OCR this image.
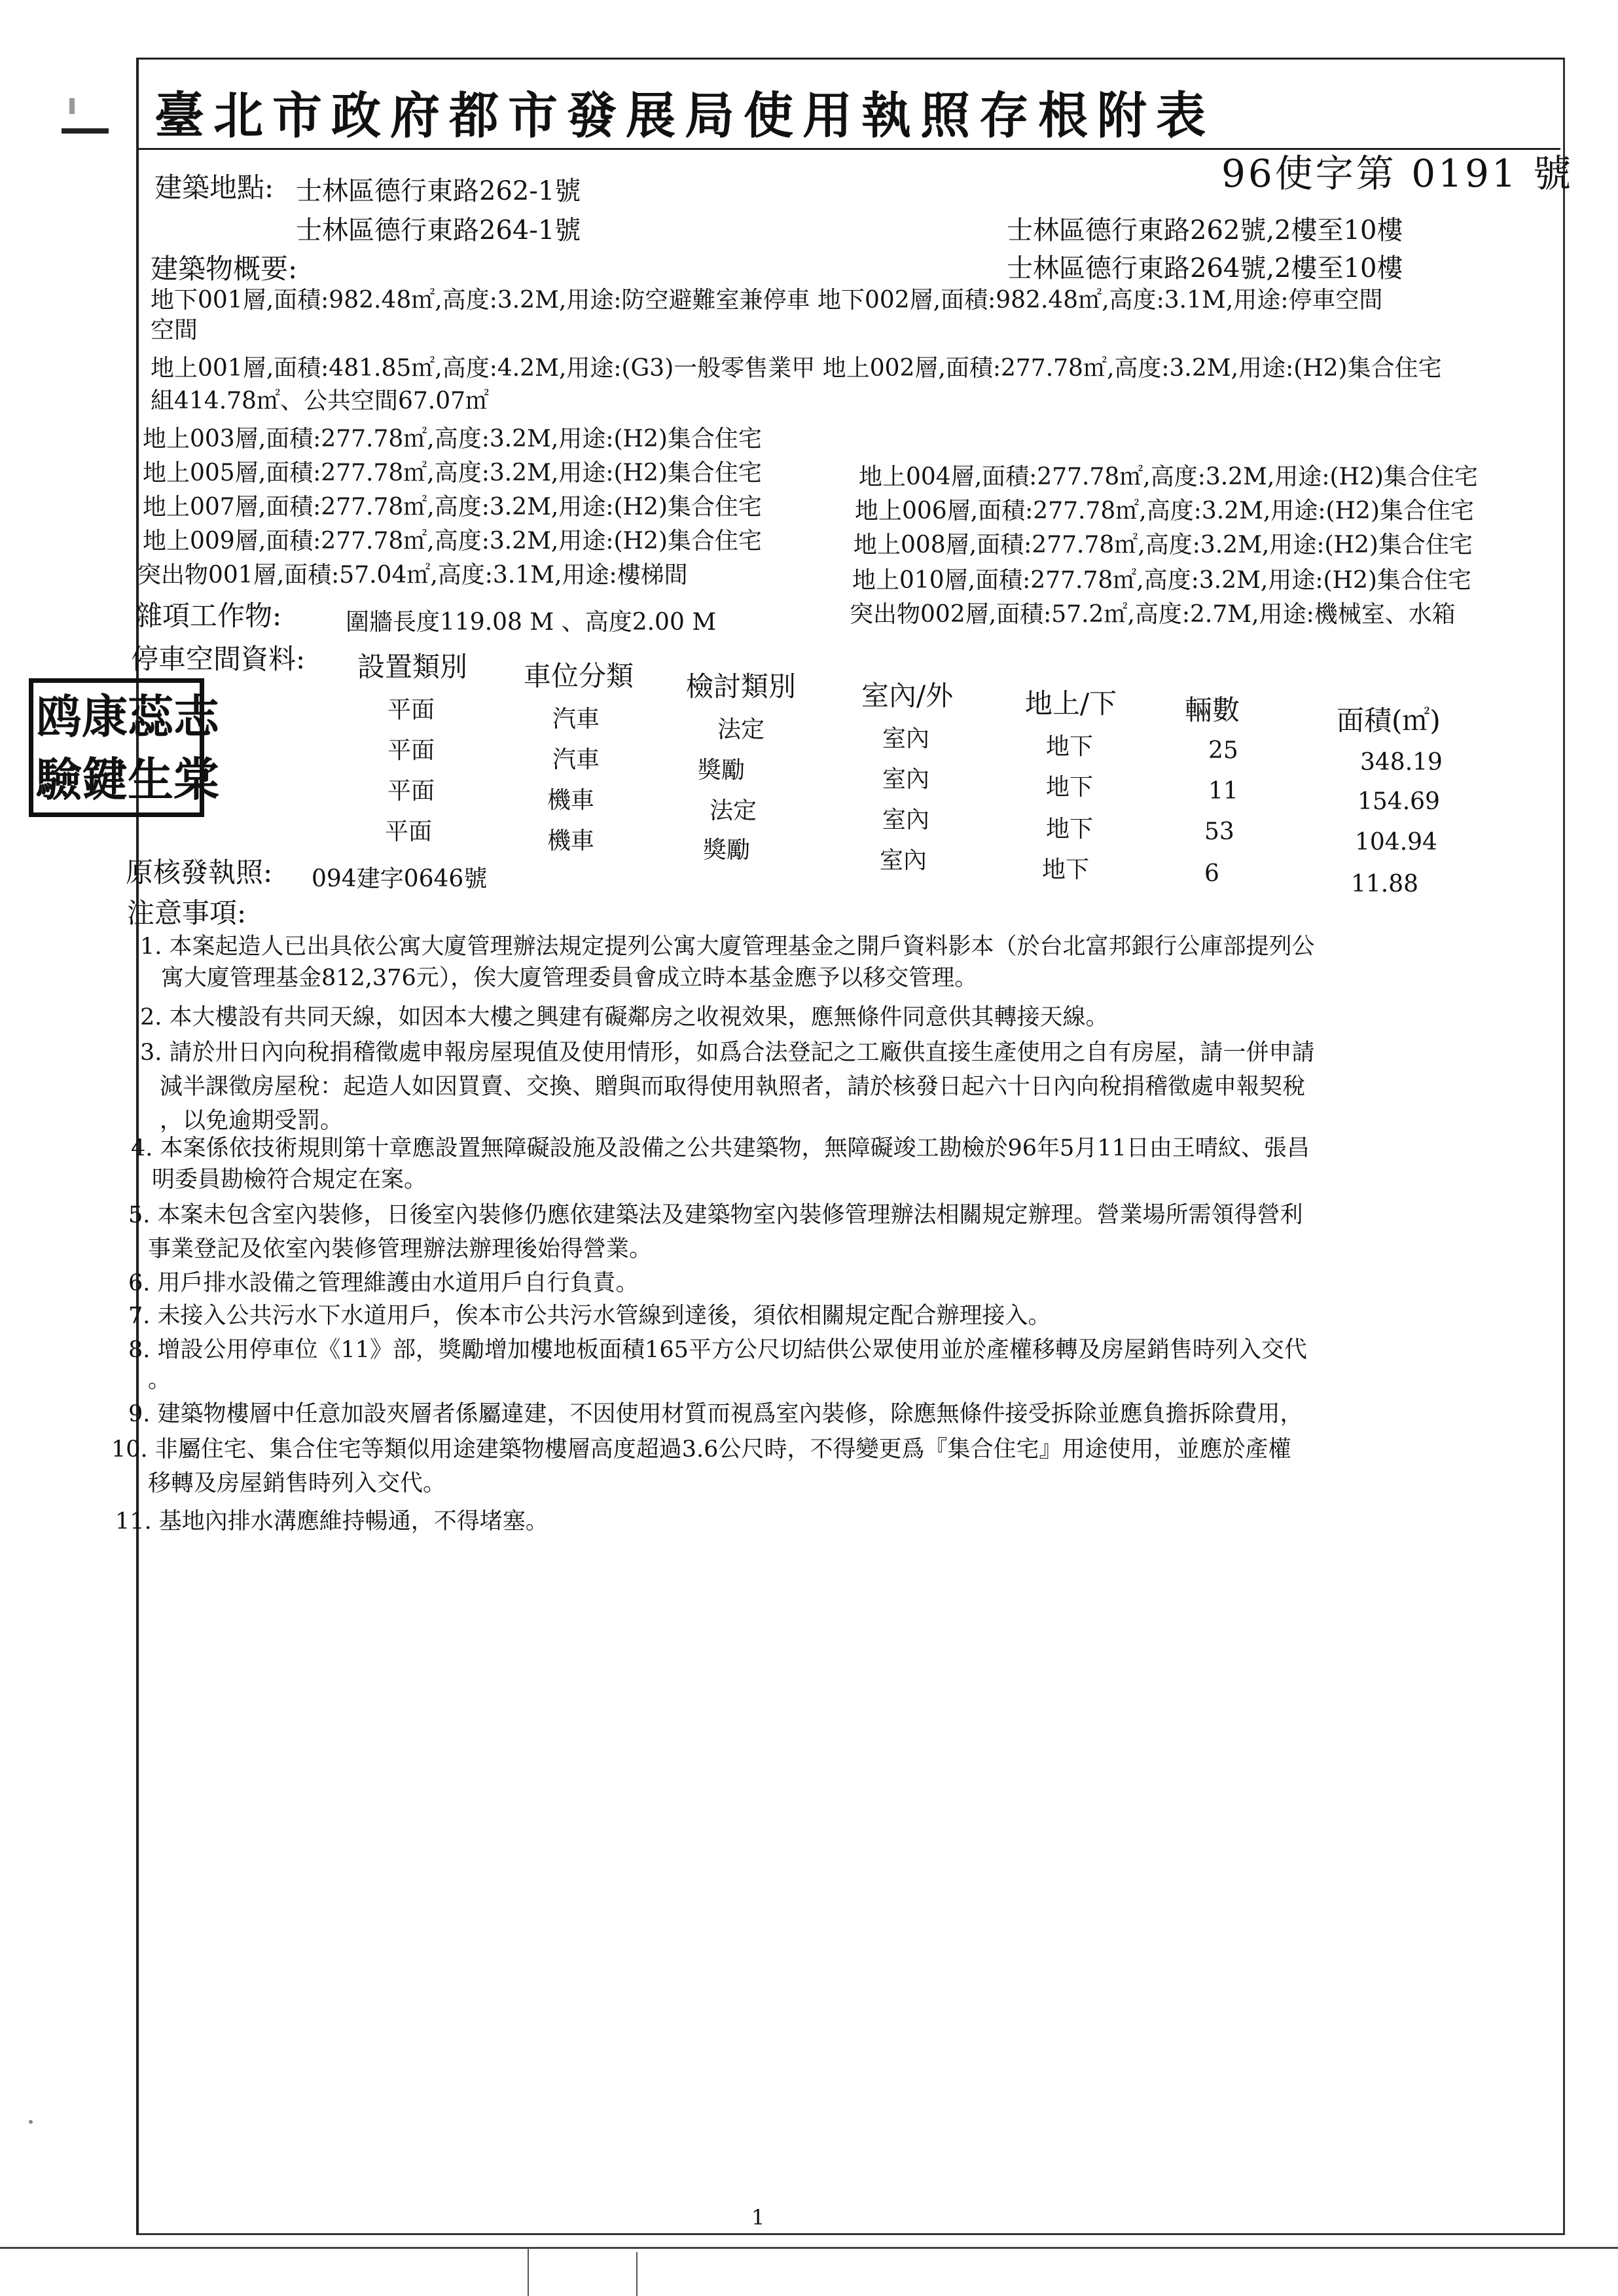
臺北市政府都市發展局使用執照存根附表
96使字第 0191 號
建築地點: 士林區德行東路262-1號
士林區德行東路264-1號	士林區德行東路262號,2樓至10樓
士林區德行東路264號,2樓至10樓
建築物概要:
地下001層,面積:982.48㎡,高度:3.2M,用途:防空避難室兼停車 地下002層,面積:982.48㎡,高度:3.1M,用途:停車空間
空間
地上001層,面積:481.85㎡,高度:4.2M,用途:(G3)一般零售業甲 地上002層,面積:277.78㎡,高度:3.2M,用途:(H2)集合住宅
組414.78㎡、公共空間67.07㎡
地上003層,面積:277.78㎡,高度:3.2M,用途:(H2)集合住宅
地上005層,面積:277.78㎡,高度:3.2M,用途:(H2)集合住宅
地上007層,面積:277.78㎡,高度:3.2M,用途:(H2)集合住宅
地上009層,面積:277.78㎡,高度:3.2M,用途:(H2)集合住宅
突出物001層,面積:57.04㎡,高度:3.1M,用途:樓梯間
地上004層,面積:277.78㎡,高度:3.2M,用途:(H2)集合住宅
地上006層,面積:277.78㎡,高度:3.2M,用途:(H2)集合住宅
地上008層,面積:277.78㎡,高度:3.2M,用途:(H2)集合住宅
地上010層,面積:277.78㎡,高度:3.2M,用途:(H2)集合住宅
突出物002層,面積:57.2㎡,高度:2.7M,用途:機械室、水箱
雜項工作物:	圍牆長度119.08 M 、高度2.00 M
停車空間資料: 設置類別 車位分類 檢討類別 室內/外	地上/下 輛數	面積(㎡)
平面	汽車	法定	室內	地下	25	348.19
平面	汽車	獎勵	室內	地下	11	154.69
平面	機車	法定	室內	地下	53	104.94
平面	機車	獎勵	室內	地下	6	11.88
原核發執照: 094建字0646號
注意事項:
1. 本案起造人已出具依公寓大廈管理辦法規定提列公寓大廈管理基金之開戶資料影本（於台北富邦銀行公庫部提列公
寓大廈管理基金812,376元），俟大廈管理委員會成立時本基金應予以移交管理。
2. 本大樓設有共同天線，如因本大樓之興建有礙鄰房之收視效果，應無條件同意供其轉接天線。
3. 請於卅日內向稅捐稽徵處申報房屋現值及使用情形，如爲合法登記之工廠供直接生產使用之自有房屋，請一併申請
減半課徵房屋稅：起造人如因買賣、交換、贈與而取得使用執照者，請於核發日起六十日內向稅捐稽徵處申報契稅
，以免逾期受罰。
4. 本案係依技術規則第十章應設置無障礙設施及設備之公共建築物，無障礙竣工勘檢於96年5月11日由王晴紋、張昌
明委員勘檢符合規定在案。
5. 本案未包含室內裝修，日後室內裝修仍應依建築法及建築物室內裝修管理辦法相關規定辦理。營業場所需領得營利
事業登記及依室內裝修管理辦法辦理後始得營業。
6. 用戶排水設備之管理維護由水道用戶自行負責。
7. 未接入公共污水下水道用戶，俟本市公共污水管線到達後，須依相關規定配合辦理接入。
8. 增設公用停車位《11》部，獎勵增加樓地板面積165平方公尺切結供公眾使用並於產權移轉及房屋銷售時列入交代
。
9. 建築物樓層中任意加設夾層者係屬違建，不因使用材質而視爲室內裝修，除應無條件接受拆除並應負擔拆除費用，
10. 非屬住宅、集合住宅等類似用途建築物樓層高度超過3.6公尺時，不得變更爲『集合住宅』用途使用，並應於產權
移轉及房屋銷售時列入交代。
11. 基地內排水溝應維持暢通，不得堵塞。
鸥 康 蕊 志
驗 鍵 生 棠
1
